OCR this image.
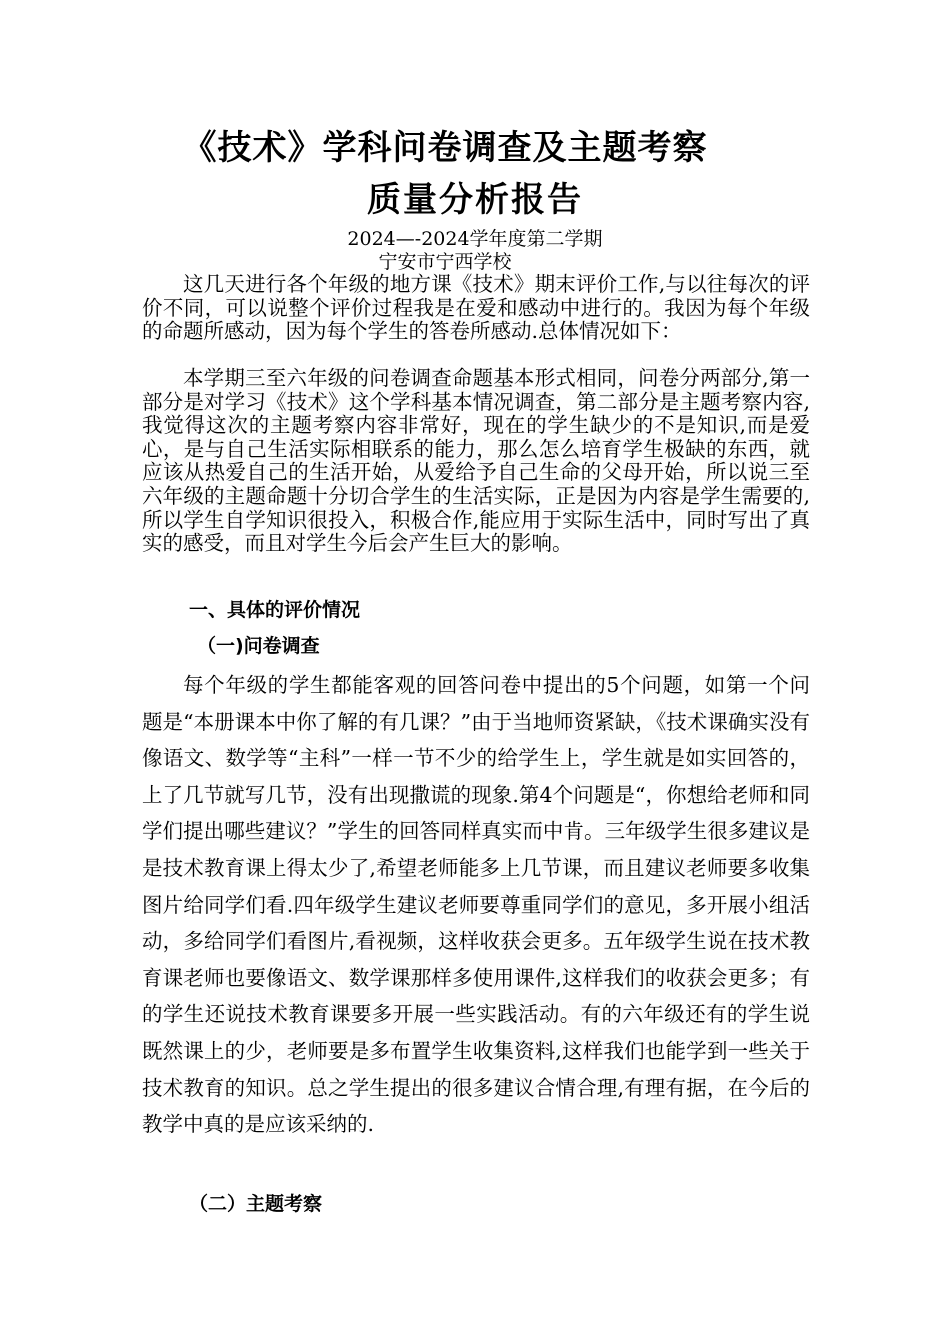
《技术》学科问卷调查及主题考察
质量分析报告
2024—-2024学年度第二学期
宁安市宁西学校

这几天进行各个年级的地方课《技术》期末评价工作,与以往每次的评价不同，可以说整个评价过程我是在爱和感动中进行的。我因为每个年级的命题所感动，因为每个学生的答卷所感动.总体情况如下：

本学期三至六年级的问卷调查命题基本形式相同，问卷分两部分,第一部分是对学习《技术》这个学科基本情况调查，第二部分是主题考察内容,我觉得这次的主题考察内容非常好，现在的学生缺少的不是知识,而是爱心，是与自己生活实际相联系的能力，那么怎么培育学生极缺的东西，就应该从热爱自己的生活开始，从爱给予自己生命的父母开始，所以说三至六年级的主题命题十分切合学生的生活实际，正是因为内容是学生需要的,所以学生自学知识很投入，积极合作,能应用于实际生活中，同时写出了真实的感受，而且对学生今后会产生巨大的影响。

一、具体的评价情况
（一)问卷调查

每个年级的学生都能客观的回答问卷中提出的5个问题，如第一个问题是“本册课本中你了解的有几课？”由于当地师资紧缺，《技术课确实没有像语文、数学等“主科”一样一节不少的给学生上，学生就是如实回答的，上了几节就写几节，没有出现撒谎的现象.第4个问题是“，你想给老师和同学们提出哪些建议？”学生的回答同样真实而中肯。三年级学生很多建议是是技术教育课上得太少了,希望老师能多上几节课，而且建议老师要多收集图片给同学们看.四年级学生建议老师要尊重同学们的意见，多开展小组活动，多给同学们看图片,看视频，这样收获会更多。五年级学生说在技术教育课老师也要像语文、数学课那样多使用课件,这样我们的收获会更多；有的学生还说技术教育课要多开展一些实践活动。有的六年级还有的学生说既然课上的少，老师要是多布置学生收集资料,这样我们也能学到一些关于技术教育的知识。总之学生提出的很多建议合情合理,有理有据，在今后的教学中真的是应该采纳的.

（二）主题考察
